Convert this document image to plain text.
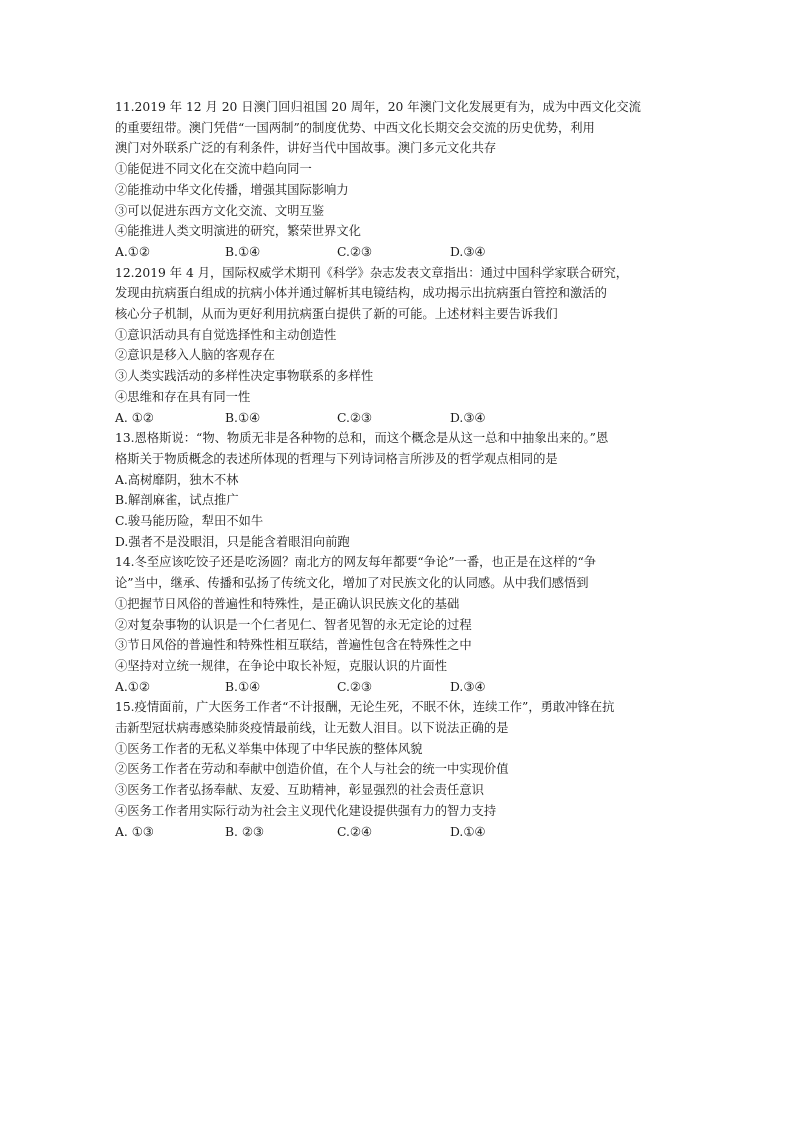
11.2019 年 12 月 20 日澳门回归祖国 20 周年，20 年澳门文化发展更有为，成为中西文化交流
的重要纽带。澳门凭借“一国两制”的制度优势、中西文化长期交会交流的历史优势，利用
澳门对外联系广泛的有利条件，讲好当代中国故事。澳门多元文化共存
①能促进不同文化在交流中趋向同一
②能推动中华文化传播，增强其国际影响力
③可以促进东西方文化交流、文明互鉴
④能推进人类文明演进的研究，繁荣世界文化
A.①②	B.①④	C.②③	D.③④
12.2019 年 4 月，国际权威学术期刊《科学》杂志发表文章指出：通过中国科学家联合研究，
发现由抗病蛋白组成的抗病小体并通过解析其电镜结构，成功揭示出抗病蛋白管控和激活的
核心分子机制，从而为更好利用抗病蛋白提供了新的可能。上述材料主要告诉我们
①意识活动具有自觉选择性和主动创造性
②意识是移入人脑的客观存在
③人类实践活动的多样性决定事物联系的多样性
④思维和存在具有同一性
A. ①②	B.①④	C.②③	D.③④
13.恩格斯说：“物、物质无非是各种物的总和，而这个概念是从这一总和中抽象出来的。”恩
格斯关于物质概念的表述所体现的哲理与下列诗词格言所涉及的哲学观点相同的是
A.高树靡阴，独木不林
B.解剖麻雀，试点推广
C.骏马能历险，犁田不如牛
D.强者不是没眼泪，只是能含着眼泪向前跑
14.冬至应该吃饺子还是吃汤圆？南北方的网友每年都要“争论”一番，也正是在这样的“争
论”当中，继承、传播和弘扬了传统文化，增加了对民族文化的认同感。从中我们感悟到
①把握节日风俗的普遍性和特殊性，是正确认识民族文化的基础
②对复杂事物的认识是一个仁者见仁、智者见智的永无定论的过程
③节日风俗的普遍性和特殊性相互联结，普遍性包含在特殊性之中
④坚持对立统一规律，在争论中取长补短，克服认识的片面性
A.①②	B.①④	C.②③	D.③④
15.疫情面前，广大医务工作者“不计报酬，无论生死，不眠不休，连续工作”，勇敢冲锋在抗
击新型冠状病毒感染肺炎疫情最前线，让无数人泪目。以下说法正确的是
①医务工作者的无私义举集中体现了中华民族的整体风貌
②医务工作者在劳动和奉献中创造价值，在个人与社会的统一中实现价值
③医务工作者弘扬奉献、友爱、互助精神，彰显强烈的社会责任意识
④医务工作者用实际行动为社会主义现代化建设提供强有力的智力支持
A. ①③	B. ②③	C.②④	D.①④
